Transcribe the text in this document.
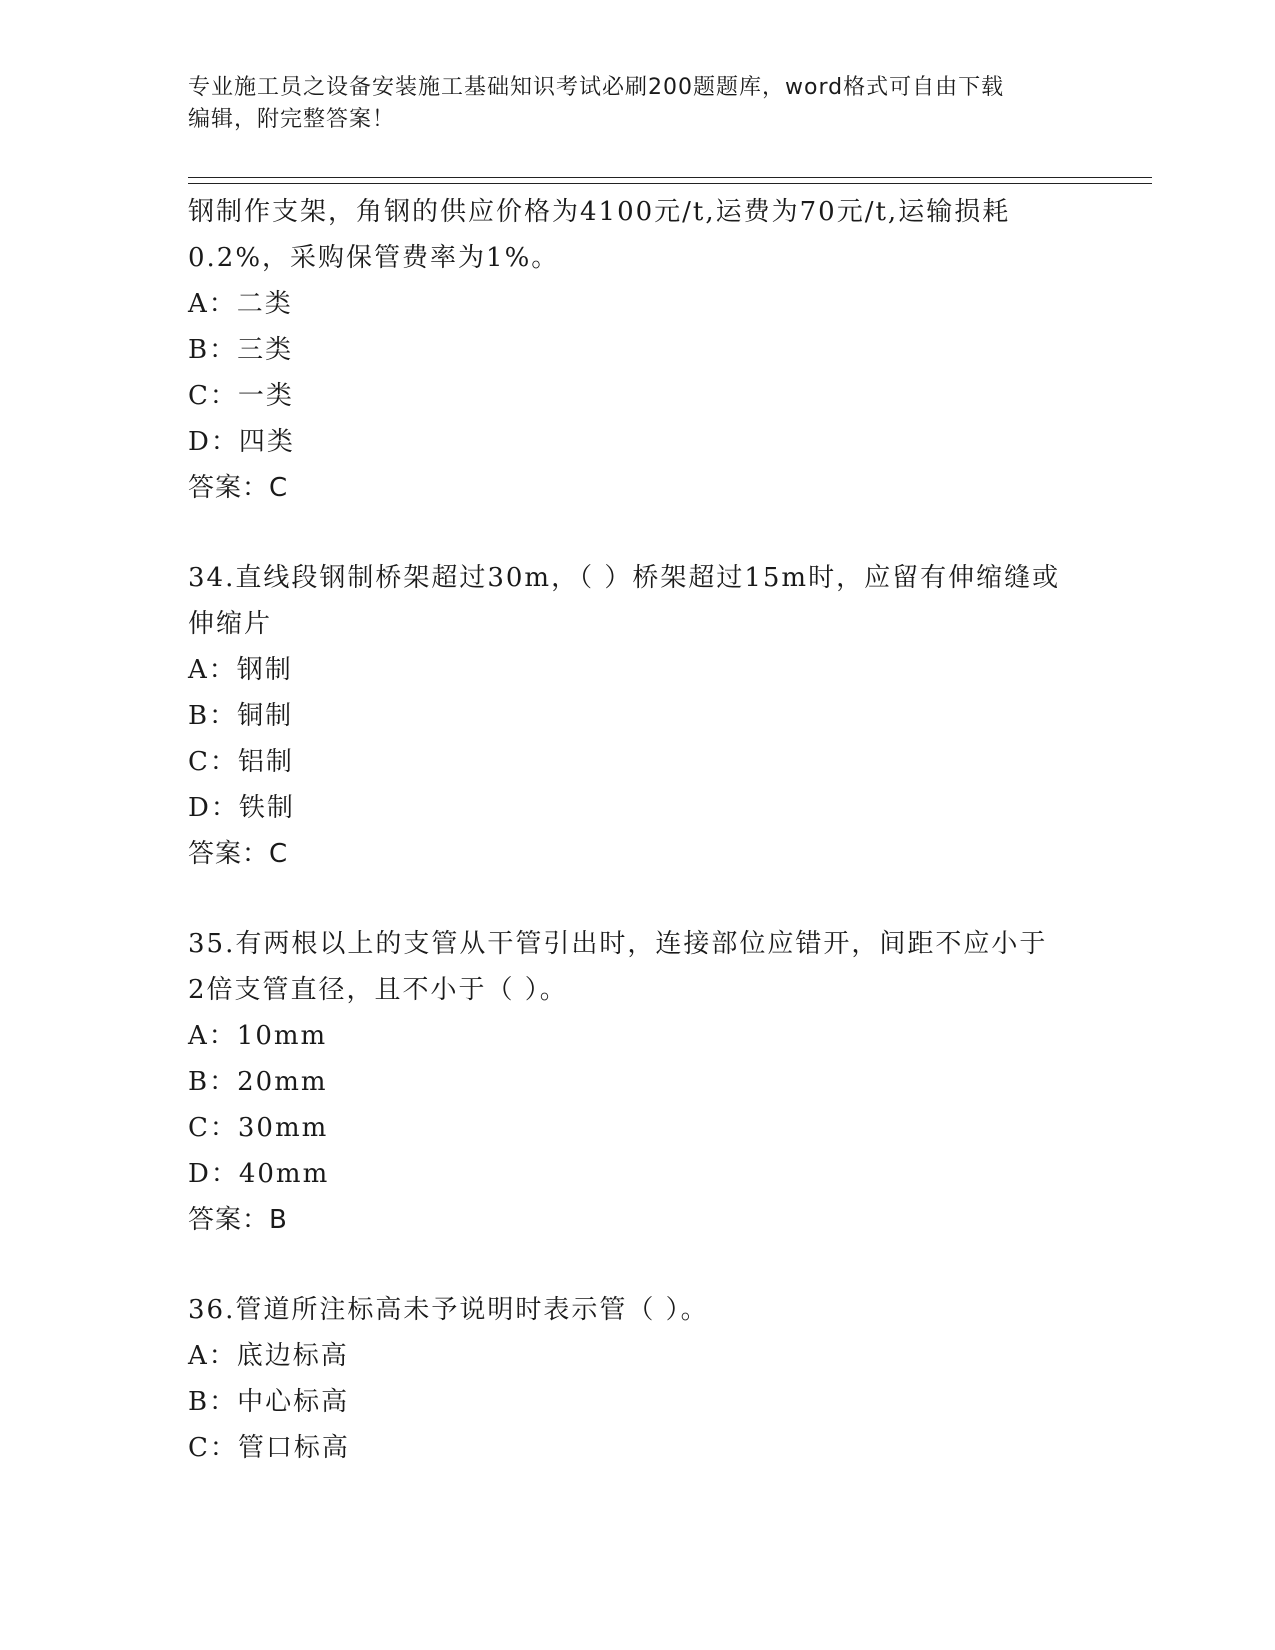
专业施工员之设备安装施工基础知识考试必刷200题题库，word格式可自由下载
编辑，附完整答案！
钢制作支架，角钢的供应价格为4100元/t,运费为70元/t,运输损耗
0.2%，采购保管费率为1%。
A：二类
B：三类
C：一类
D：四类
答案：C
34.直线段钢制桥架超过30m，（ ）桥架超过15m时，应留有伸缩缝或
伸缩片
A：钢制
B：铜制
C：铝制
D：铁制
答案：C
35.有两根以上的支管从干管引出时，连接部位应错开，间距不应小于
2倍支管直径，且不小于（ ）。
A：10mm
B：20mm
C：30mm
D：40mm
答案：B
36.管道所注标高未予说明时表示管（ ）。
A：底边标高
B：中心标高
C：管口标高
